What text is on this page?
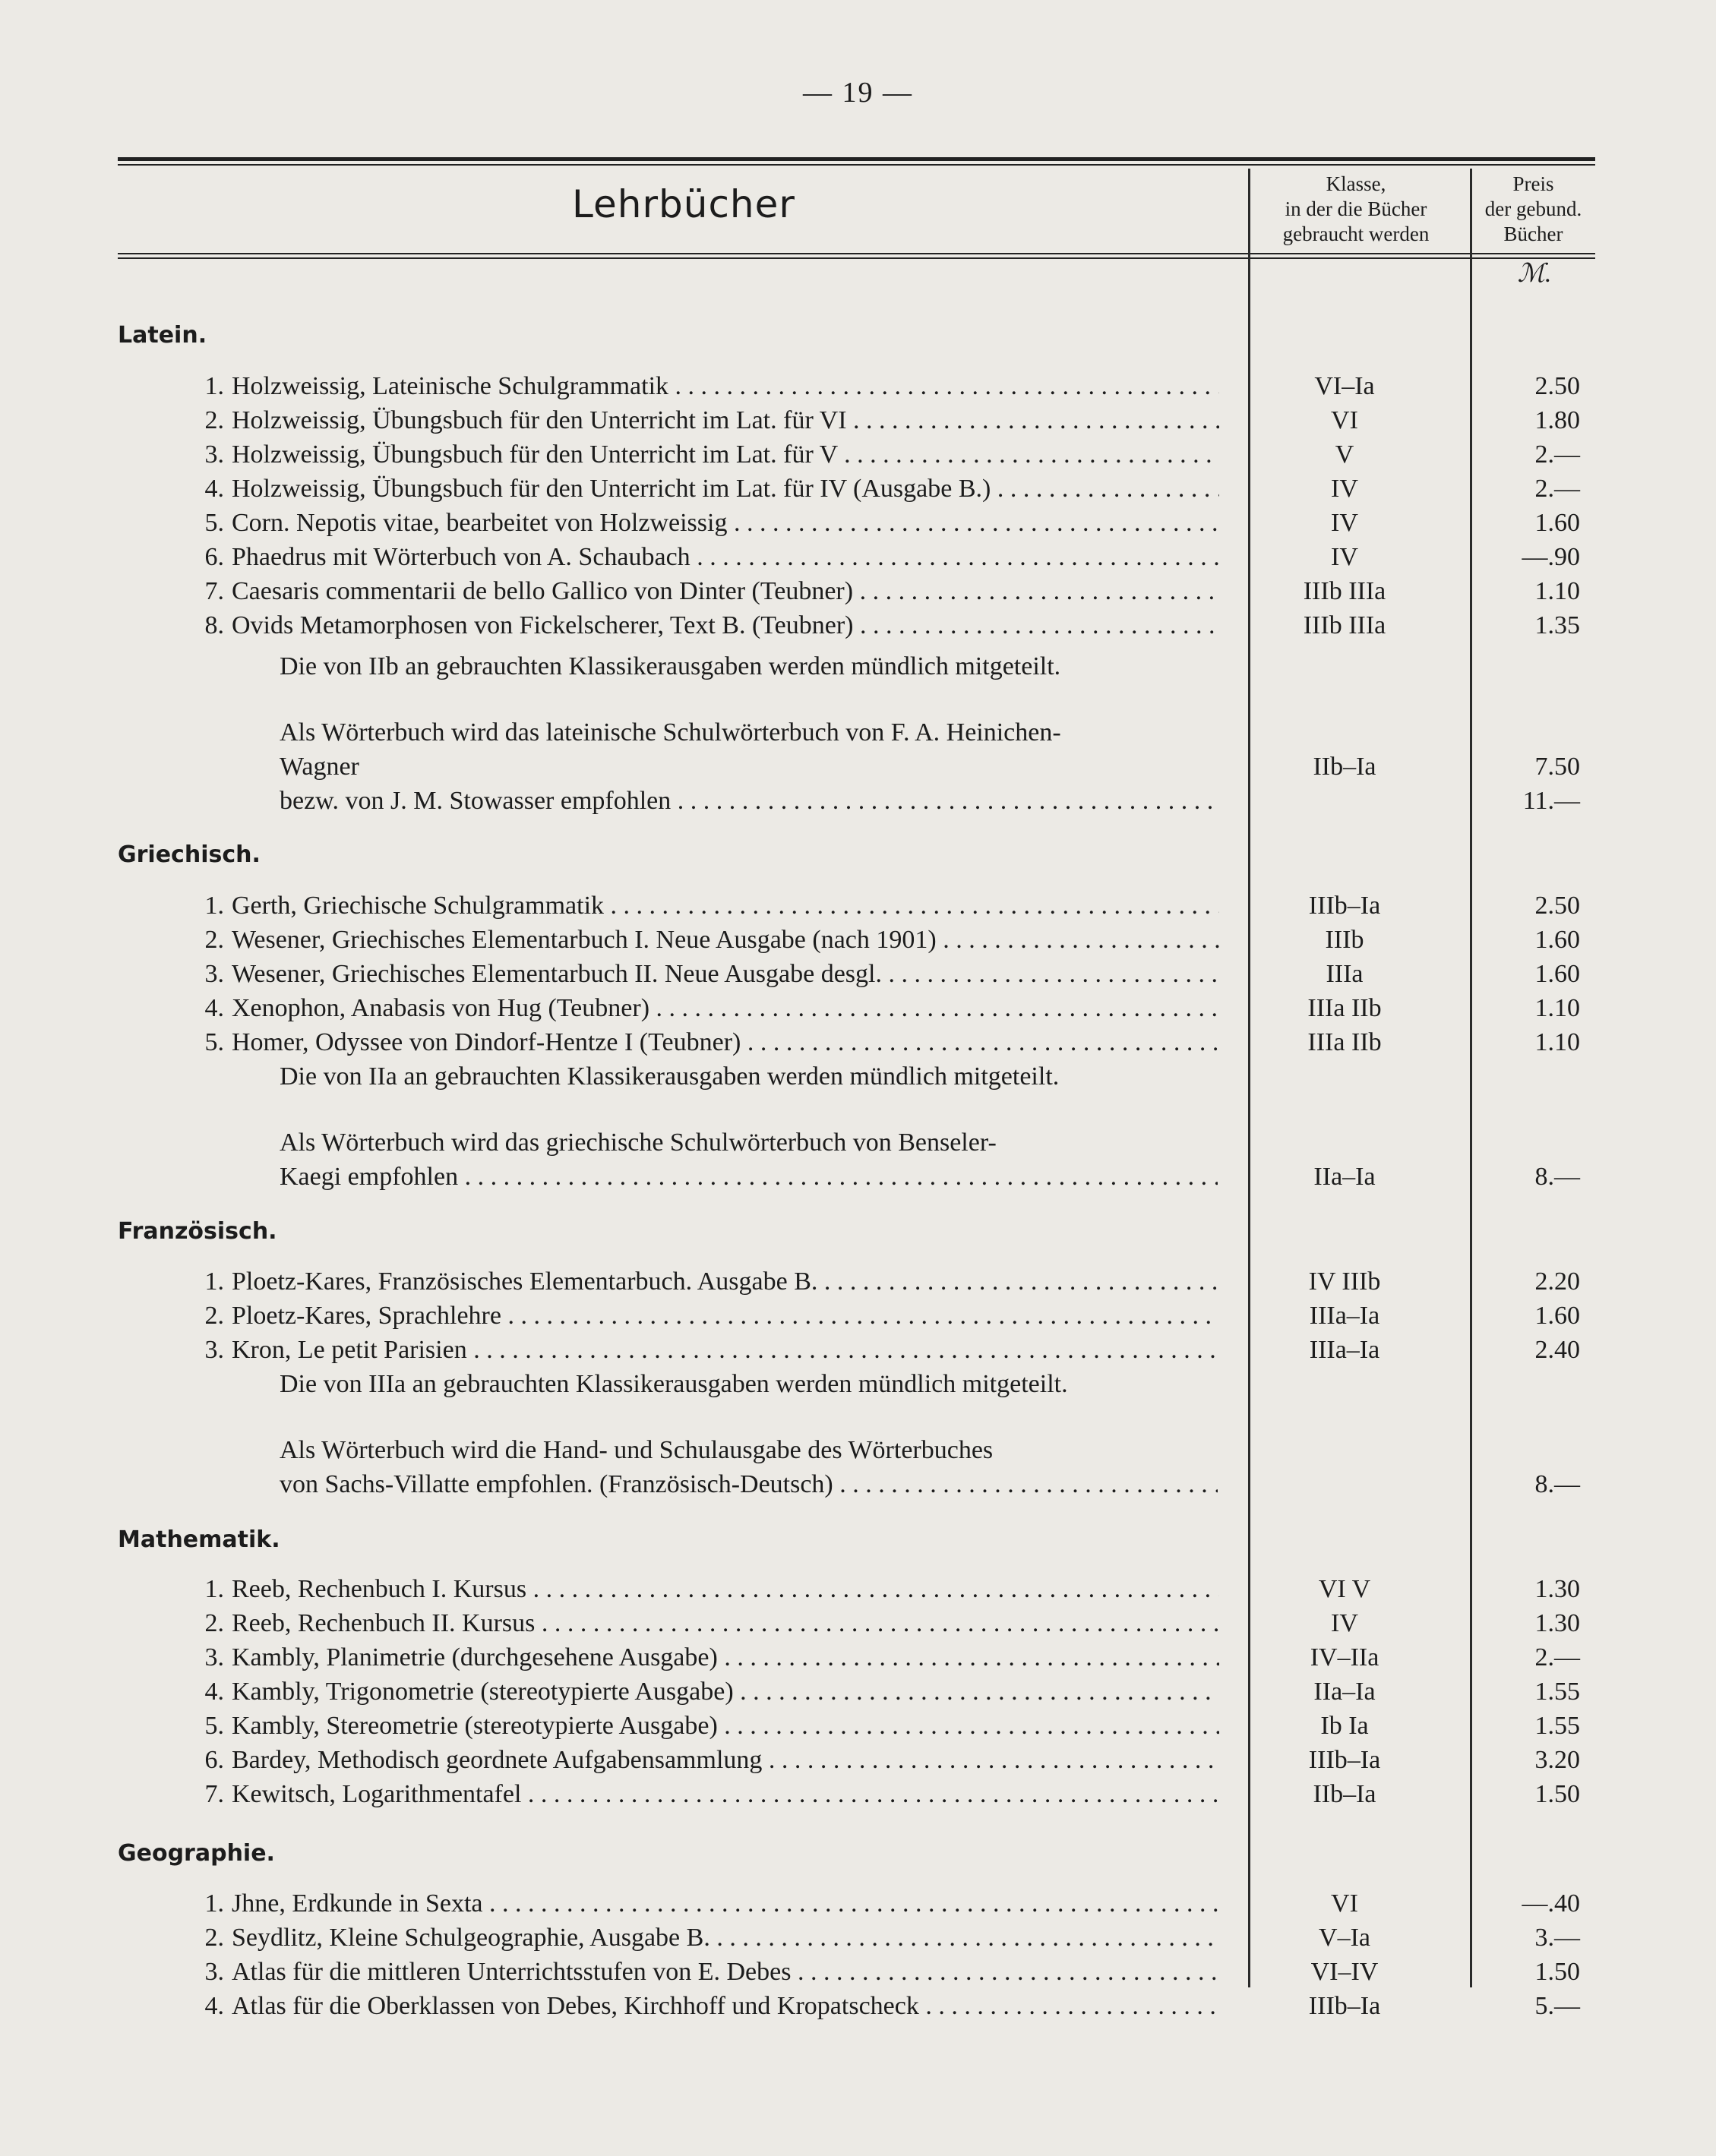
— 19 —
Lehrbücher	Klasse,
in der die Bücher
gebraucht werden
Preis
der gebund.
Bücher
ℳ.
Latein.
1. Holzweissig, Lateinische Schulgrammatik . . .	VI–Ia	2.50
2. Holzweissig, Übungsbuch für den Unterricht im Lat. für VI . . .	VI	1.80
3. Holzweissig, Übungsbuch für den Unterricht im Lat. für V . . .	V	2.—
4. Holzweissig, Übungsbuch für den Unterricht im Lat. für IV (Ausgabe B.) . . .	IV	2.—
5. Corn. Nepotis vitae, bearbeitet von Holzweissig . . .	IV	1.60
6. Phaedrus mit Wörterbuch von A. Schaubach . . .	IV	—.90
7. Caesaris commentarii de bello Gallico von Dinter (Teubner) . . .	IIIb IIIa	1.10
8. Ovids Metamorphosen von Fickelscherer, Text B. (Teubner) . . .	IIIb IIIa	1.35
Die von IIb an gebrauchten Klassikerausgaben werden mündlich mitgeteilt.
Als Wörterbuch wird das lateinische Schulwörterbuch von F. A. Heinichen-
Wagner	IIb–Ia	7.50
bezw. von J. M. Stowasser empfohlen . . .	11.—
Griechisch.
1. Gerth, Griechische Schulgrammatik . . .	IIIb–Ia	2.50
2. Wesener, Griechisches Elementarbuch I. Neue Ausgabe (nach 1901) . . .	IIIb	1.60
3. Wesener, Griechisches Elementarbuch II. Neue Ausgabe desgl. . . .	IIIa	1.60
4. Xenophon, Anabasis von Hug (Teubner) . . .	IIIa IIb	1.10
5. Homer, Odyssee von Dindorf-Hentze I (Teubner) . . .	IIIa IIb	1.10
Die von IIa an gebrauchten Klassikerausgaben werden mündlich mitgeteilt.
Als Wörterbuch wird das griechische Schulwörterbuch von Benseler-
Kaegi empfohlen . . .	IIa–Ia	8.—
Französisch.
1. Ploetz-Kares, Französisches Elementarbuch. Ausgabe B. . . .	IV IIIb	2.20
2. Ploetz-Kares, Sprachlehre . . .	IIIa–Ia	1.60
3. Kron, Le petit Parisien . . .	IIIa–Ia	2.40
Die von IIIa an gebrauchten Klassikerausgaben werden mündlich mitgeteilt.
Als Wörterbuch wird die Hand- und Schulausgabe des Wörterbuches
von Sachs-Villatte empfohlen. (Französisch-Deutsch) . . .	8.—
Mathematik.
1. Reeb, Rechenbuch I. Kursus . . .	VI V	1.30
2. Reeb, Rechenbuch II. Kursus . . .	IV	1.30
3. Kambly, Planimetrie (durchgesehene Ausgabe) . . .	IV–IIa	2.—
4. Kambly, Trigonometrie (stereotypierte Ausgabe) . . .	IIa–Ia	1.55
5. Kambly, Stereometrie (stereotypierte Ausgabe) . . .	Ib Ia	1.55
6. Bardey, Methodisch geordnete Aufgabensammlung . . .	IIIb–Ia	3.20
7. Kewitsch, Logarithmentafel . . .	IIb–Ia	1.50
Geographie.
1. Jhne, Erdkunde in Sexta . . .	VI	—.40
2. Seydlitz, Kleine Schulgeographie, Ausgabe B. . . .	V–Ia	3.—
3. Atlas für die mittleren Unterrichtsstufen von E. Debes . . .	VI–IV	1.50
4. Atlas für die Oberklassen von Debes, Kirchhoff und Kropatscheck . . .	IIIb–Ia	5.—
